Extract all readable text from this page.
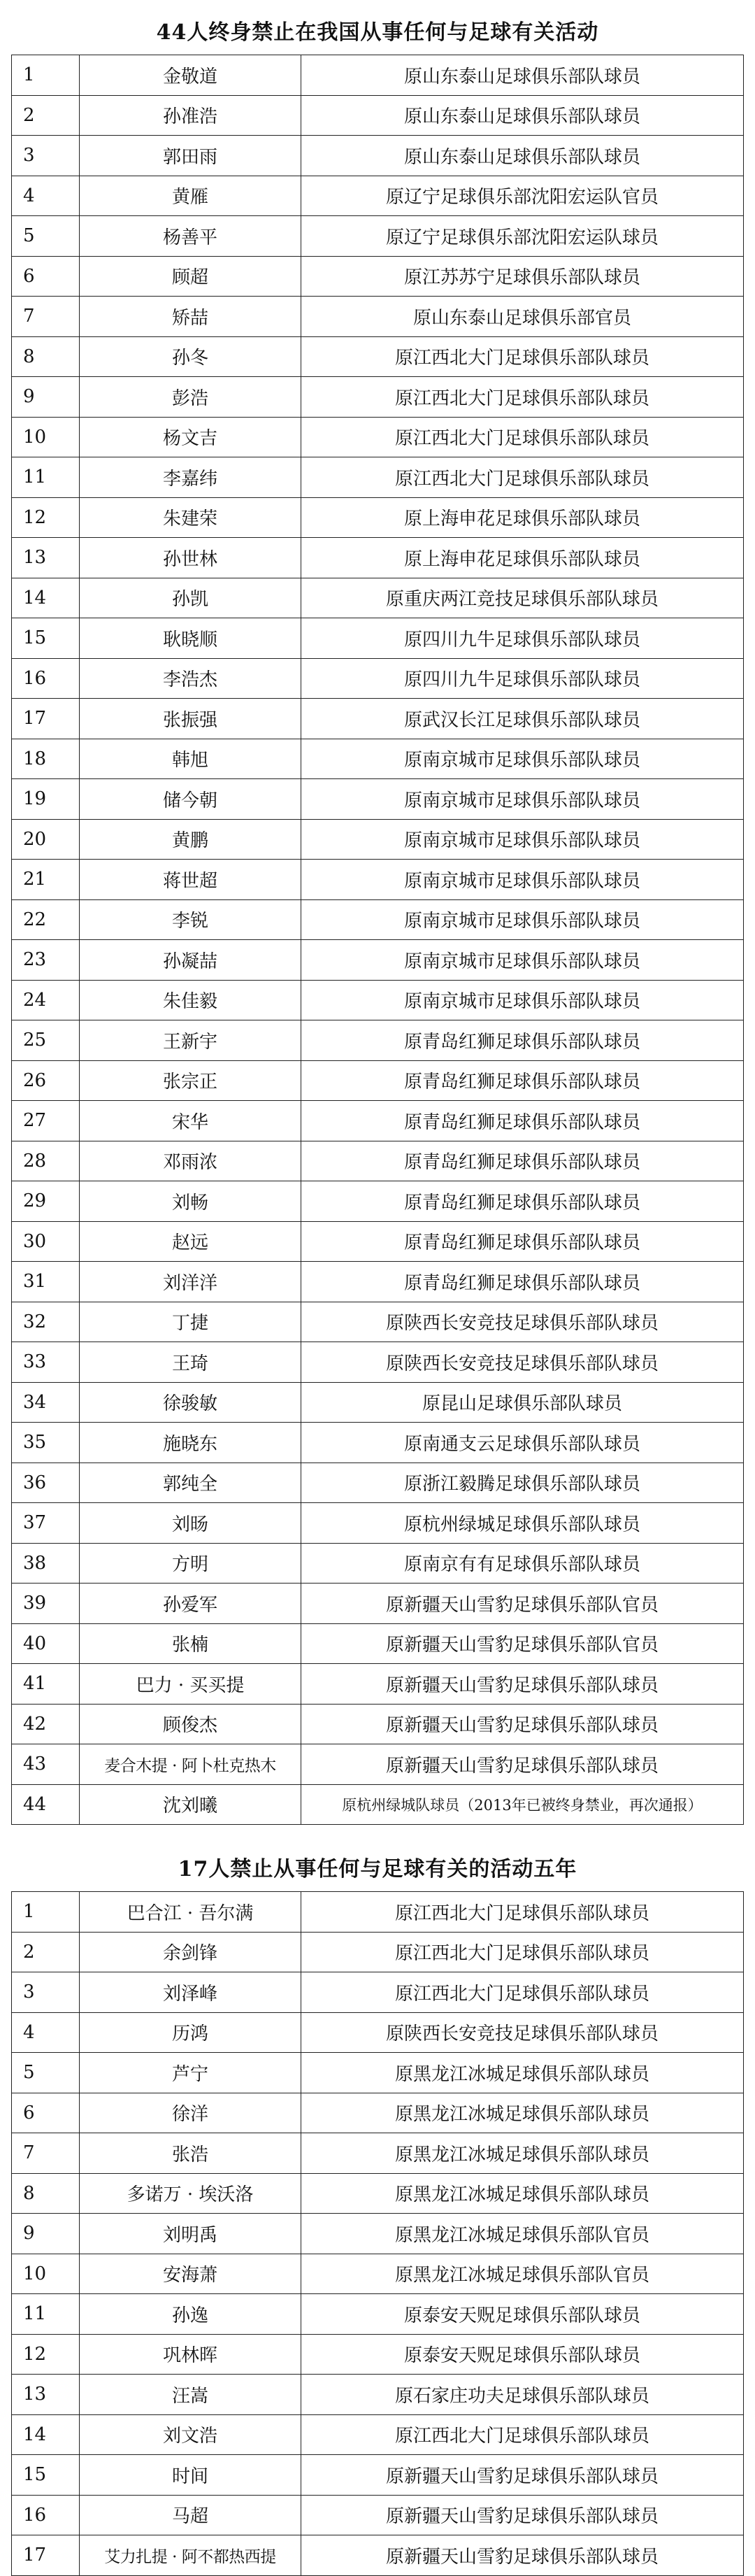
44人终身禁止在我国从事任何与足球有关活动
1	金敬道	原山东泰山足球俱乐部队球员
2	孙准浩	原山东泰山足球俱乐部队球员
3	郭田雨	原山东泰山足球俱乐部队球员
4	黄雁	原辽宁足球俱乐部沈阳宏运队官员
5	杨善平	原辽宁足球俱乐部沈阳宏运队球员
6	顾超	原江苏苏宁足球俱乐部队球员
7	矫喆	原山东泰山足球俱乐部官员
8	孙冬	原江西北大门足球俱乐部队球员
9	彭浩	原江西北大门足球俱乐部队球员
10	杨文吉	原江西北大门足球俱乐部队球员
11	李嘉纬	原江西北大门足球俱乐部队球员
12	朱建荣	原上海申花足球俱乐部队球员
13	孙世林	原上海申花足球俱乐部队球员
14	孙凯	原重庆两江竞技足球俱乐部队球员
15	耿晓顺	原四川九牛足球俱乐部队球员
16	李浩杰	原四川九牛足球俱乐部队球员
17	张振强	原武汉长江足球俱乐部队球员
18	韩旭	原南京城市足球俱乐部队球员
19	储今朝	原南京城市足球俱乐部队球员
20	黄鹏	原南京城市足球俱乐部队球员
21	蒋世超	原南京城市足球俱乐部队球员
22	李锐	原南京城市足球俱乐部队球员
23	孙凝喆	原南京城市足球俱乐部队球员
24	朱佳毅	原南京城市足球俱乐部队球员
25	王新宇	原青岛红狮足球俱乐部队球员
26	张宗正	原青岛红狮足球俱乐部队球员
27	宋华	原青岛红狮足球俱乐部队球员
28	邓雨浓	原青岛红狮足球俱乐部队球员
29	刘畅	原青岛红狮足球俱乐部队球员
30	赵远	原青岛红狮足球俱乐部队球员
31	刘洋洋	原青岛红狮足球俱乐部队球员
32	丁捷	原陕西长安竞技足球俱乐部队球员
33	王琦	原陕西长安竞技足球俱乐部队球员
34	徐骏敏	原昆山足球俱乐部队球员
35	施晓东	原南通支云足球俱乐部队球员
36	郭纯全	原浙江毅腾足球俱乐部队球员
37	刘旸	原杭州绿城足球俱乐部队球员
38	方明	原南京有有足球俱乐部队球员
39	孙爱军	原新疆天山雪豹足球俱乐部队官员
40	张楠	原新疆天山雪豹足球俱乐部队官员
41	巴力 · 买买提	原新疆天山雪豹足球俱乐部队球员
42	顾俊杰	原新疆天山雪豹足球俱乐部队球员
43	麦合木提 · 阿卜杜克热木	原新疆天山雪豹足球俱乐部队球员
44	沈刘曦	原杭州绿城队球员（2013年已被终身禁业，再次通报）
17人禁止从事任何与足球有关的活动五年
1	巴合江 · 吾尔满	原江西北大门足球俱乐部队球员
2	余剑锋	原江西北大门足球俱乐部队球员
3	刘泽峰	原江西北大门足球俱乐部队球员
4	历鸿	原陕西长安竞技足球俱乐部队球员
5	芦宁	原黑龙江冰城足球俱乐部队球员
6	徐洋	原黑龙江冰城足球俱乐部队球员
7	张浩	原黑龙江冰城足球俱乐部队球员
8	多诺万 · 埃沃洛	原黑龙江冰城足球俱乐部队球员
9	刘明禹	原黑龙江冰城足球俱乐部队官员
10	安海萧	原黑龙江冰城足球俱乐部队官员
11	孙逸	原泰安天贶足球俱乐部队球员
12	巩林晖	原泰安天贶足球俱乐部队球员
13	汪嵩	原石家庄功夫足球俱乐部队球员
14	刘文浩	原江西北大门足球俱乐部队球员
15	时间	原新疆天山雪豹足球俱乐部队球员
16	马超	原新疆天山雪豹足球俱乐部队球员
17	艾力扎提 · 阿不都热西提	原新疆天山雪豹足球俱乐部队球员
